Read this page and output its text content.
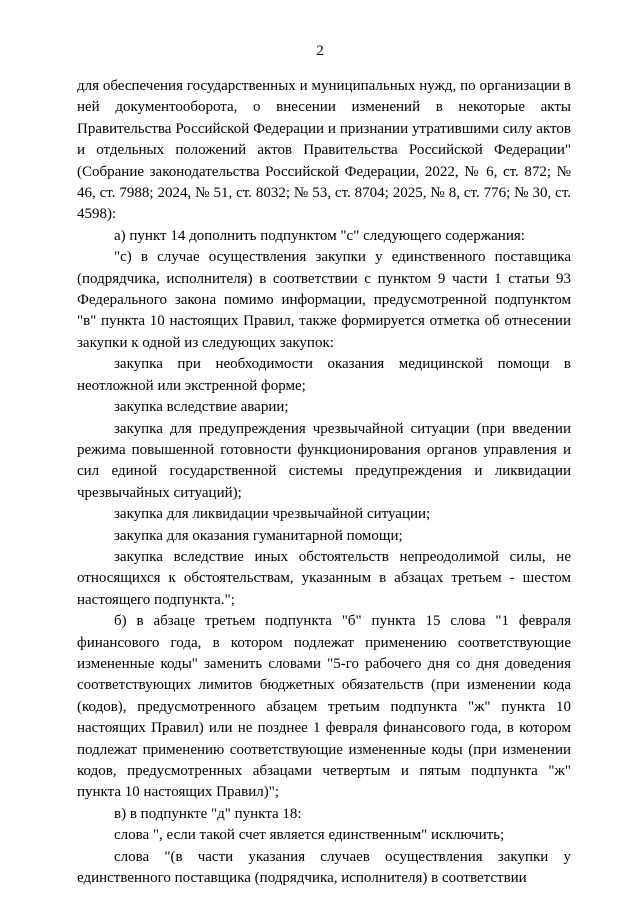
2

для обеспечения государственных и муниципальных нужд, по организации в ней документооборота, о внесении изменений в некоторые акты Правительства Российской Федерации и признании утратившими силу актов и отдельных положений актов Правительства Российской Федерации" (Собрание законодательства Российской Федерации, 2022, № 6, ст. 872; № 46, ст. 7988; 2024, № 51, ст. 8032; № 53, ст. 8704; 2025, № 8, ст. 776; № 30, ст. 4598):

а) пункт 14 дополнить подпунктом "с" следующего содержания:

"с) в случае осуществления закупки у единственного поставщика (подрядчика, исполнителя) в соответствии с пунктом 9 части 1 статьи 93 Федерального закона помимо информации, предусмотренной подпунктом "в" пункта 10 настоящих Правил, также формируется отметка об отнесении закупки к одной из следующих закупок:

закупка при необходимости оказания медицинской помощи в неотложной или экстренной форме;

закупка вследствие аварии;

закупка для предупреждения чрезвычайной ситуации (при введении режима повышенной готовности функционирования органов управления и сил единой государственной системы предупреждения и ликвидации чрезвычайных ситуаций);

закупка для ликвидации чрезвычайной ситуации;

закупка для оказания гуманитарной помощи;

закупка вследствие иных обстоятельств непреодолимой силы, не относящихся к обстоятельствам, указанным в абзацах третьем - шестом настоящего подпункта.";

б) в абзаце третьем подпункта "б" пункта 15 слова "1 февраля финансового года, в котором подлежат применению соответствующие измененные коды" заменить словами "5-го рабочего дня со дня доведения соответствующих лимитов бюджетных обязательств (при изменении кода (кодов), предусмотренного абзацем третьим подпункта "ж" пункта 10 настоящих Правил) или не позднее 1 февраля финансового года, в котором подлежат применению соответствующие измененные коды (при изменении кодов, предусмотренных абзацами четвертым и пятым подпункта "ж" пункта 10 настоящих Правил)";

в) в подпункте "д" пункта 18:

слова ", если такой счет является единственным" исключить;

слова "(в части указания случаев осуществления закупки у единственного поставщика (подрядчика, исполнителя) в соответствии
